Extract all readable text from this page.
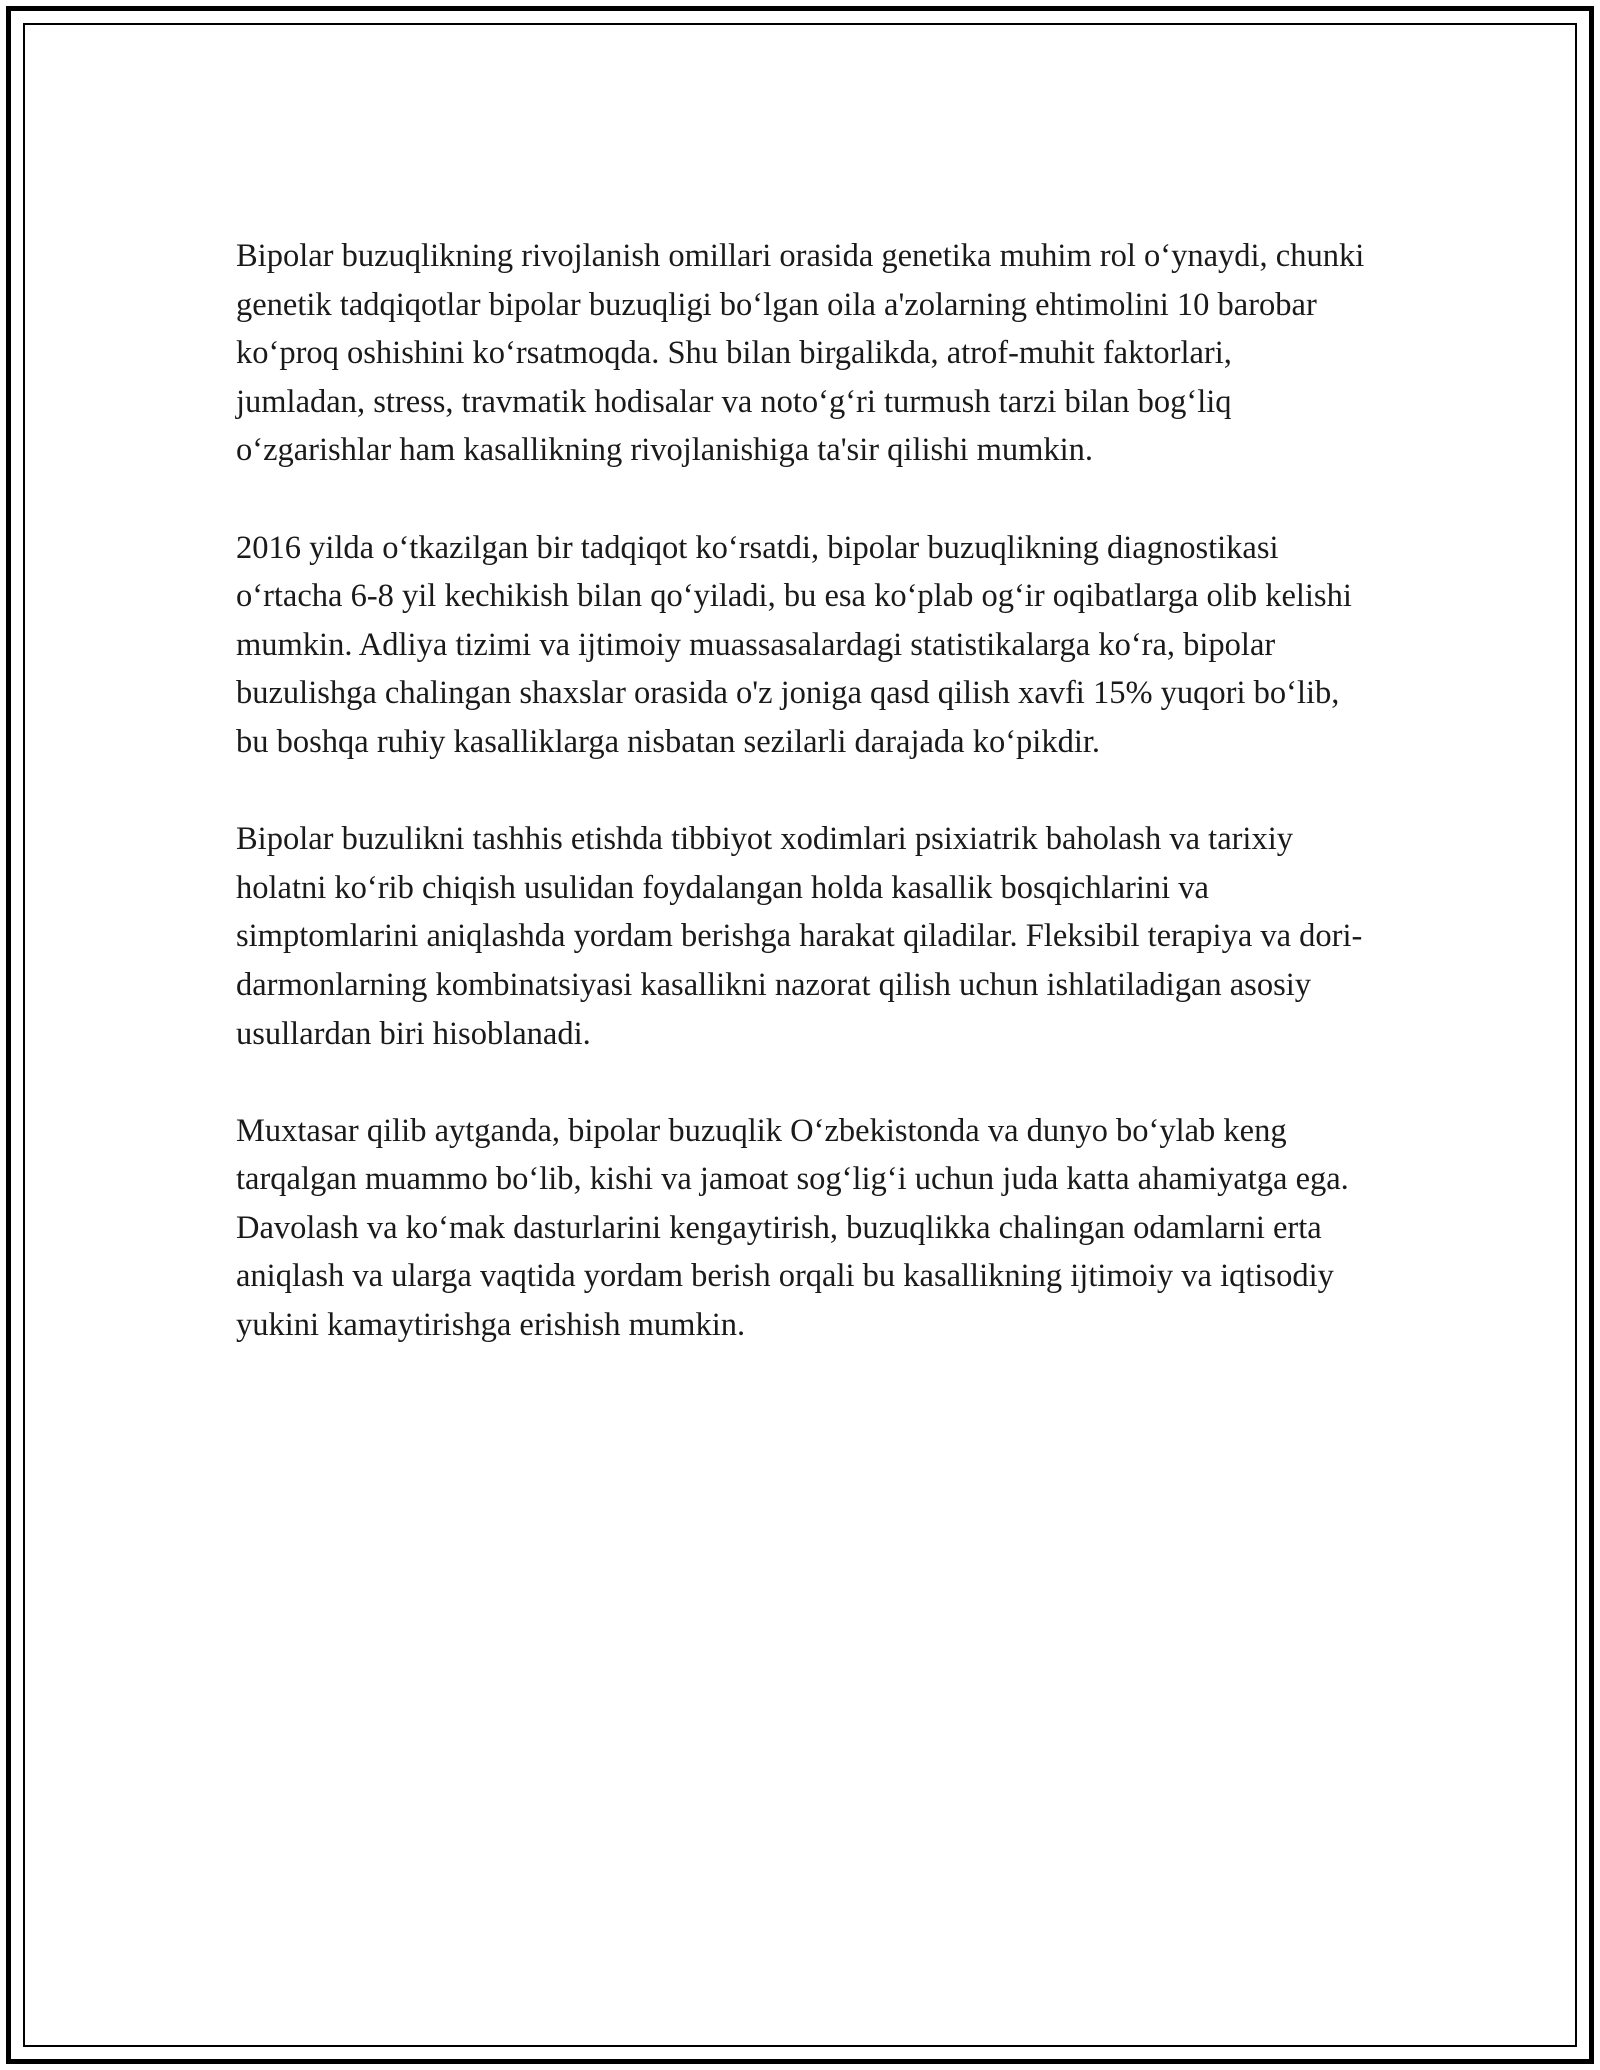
Bipolar buzuqlikning rivojlanish omillari orasida genetika muhim rol o‘ynaydi, chunki genetik tadqiqotlar bipolar buzuqligi bo‘lgan oila a'zolarning ehtimolini 10 barobar ko‘proq oshishini ko‘rsatmoqda. Shu bilan birgalikda, atrof-muhit faktorlari, jumladan, stress, travmatik hodisalar va noto‘g‘ri turmush tarzi bilan bog‘liq o‘zgarishlar ham kasallikning rivojlanishiga ta'sir qilishi mumkin.

2016 yilda o‘tkazilgan bir tadqiqot ko‘rsatdi, bipolar buzuqlikning diagnostikasi o‘rtacha 6-8 yil kechikish bilan qo‘yiladi, bu esa ko‘plab og‘ir oqibatlarga olib kelishi mumkin. Adliya tizimi va ijtimoiy muassasalardagi statistikalarga ko‘ra, bipolar buzulishga chalingan shaxslar orasida o'z joniga qasd qilish xavfi 15% yuqori bo‘lib, bu boshqa ruhiy kasalliklarga nisbatan sezilarli darajada ko‘pikdir.

Bipolar buzulikni tashhis etishda tibbiyot xodimlari psixiatrik baholash va tarixiy holatni ko‘rib chiqish usulidan foydalangan holda kasallik bosqichlarini va simptomlarini aniqlashda yordam berishga harakat qiladilar. Fleksibil terapiya va dori-darmonlarning kombinatsiyasi kasallikni nazorat qilish uchun ishlatiladigan asosiy usullardan biri hisoblanadi.

Muxtasar qilib aytganda, bipolar buzuqlik O‘zbekistonda va dunyo bo‘ylab keng tarqalgan muammo bo‘lib, kishi va jamoat sog‘lig‘i uchun juda katta ahamiyatga ega. Davolash va ko‘mak dasturlarini kengaytirish, buzuqlikka chalingan odamlarni erta aniqlash va ularga vaqtida yordam berish orqali bu kasallikning ijtimoiy va iqtisodiy yukini kamaytirishga erishish mumkin.
